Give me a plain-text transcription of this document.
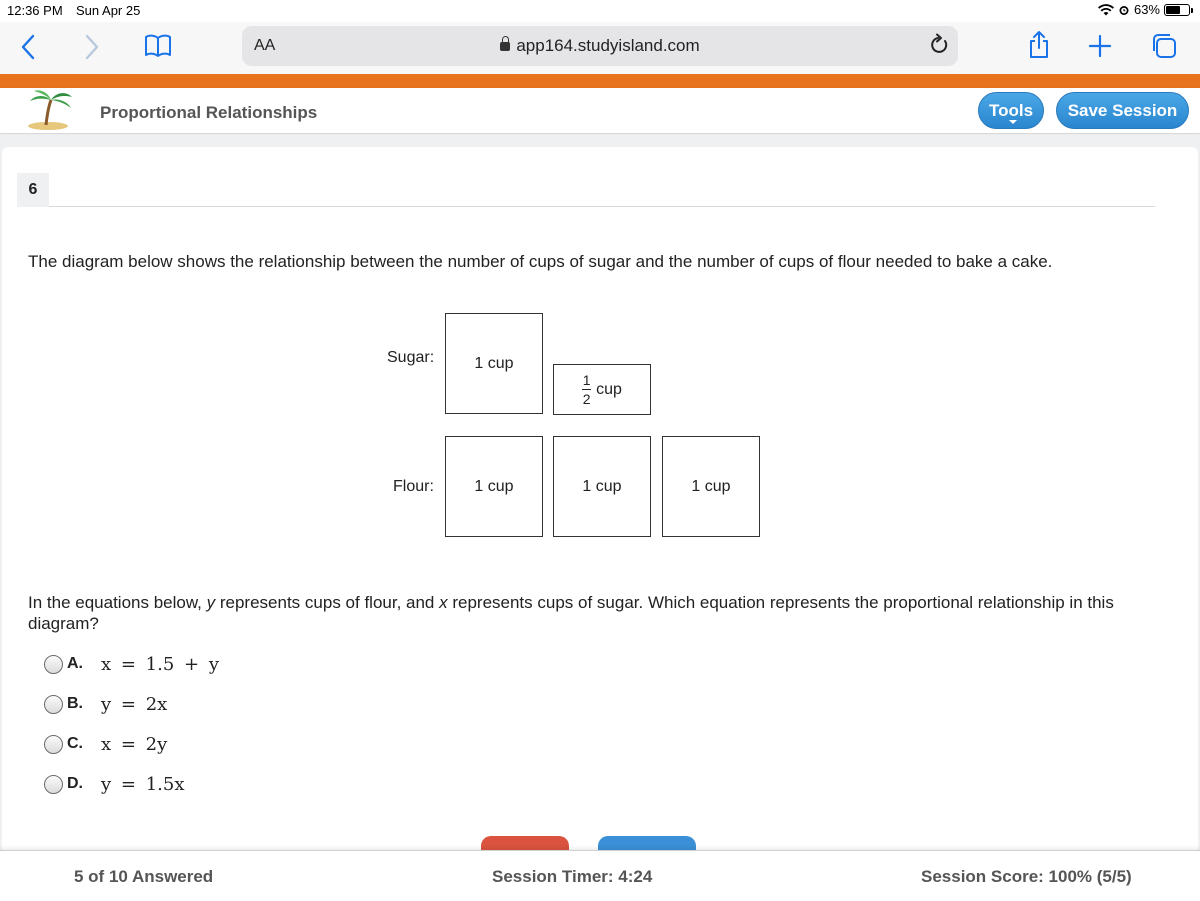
12:36 PM Sun Apr 25	63%
AA	app164.studyisland.com
Proportional Relationships	Tools	Save Session
6
The diagram below shows the relationship between the number of cups of sugar and the number of cups of flour needed to bake a cake.
Sugar:	1 cup
$\frac{1}{2}$ cup
Flour:	1 cup	1 cup	1 cup
In the equations below, y represents cups of flour, and x represents cups of sugar. Which equation represents the proportional relationship in this diagram?
A.	x = 1.5 + y
B.	y = 2x
C.	x = 2y
D.	y = 1.5x
5 of 10 Answered	Session Timer: 4:24	Session Score: 100% (5/5)
